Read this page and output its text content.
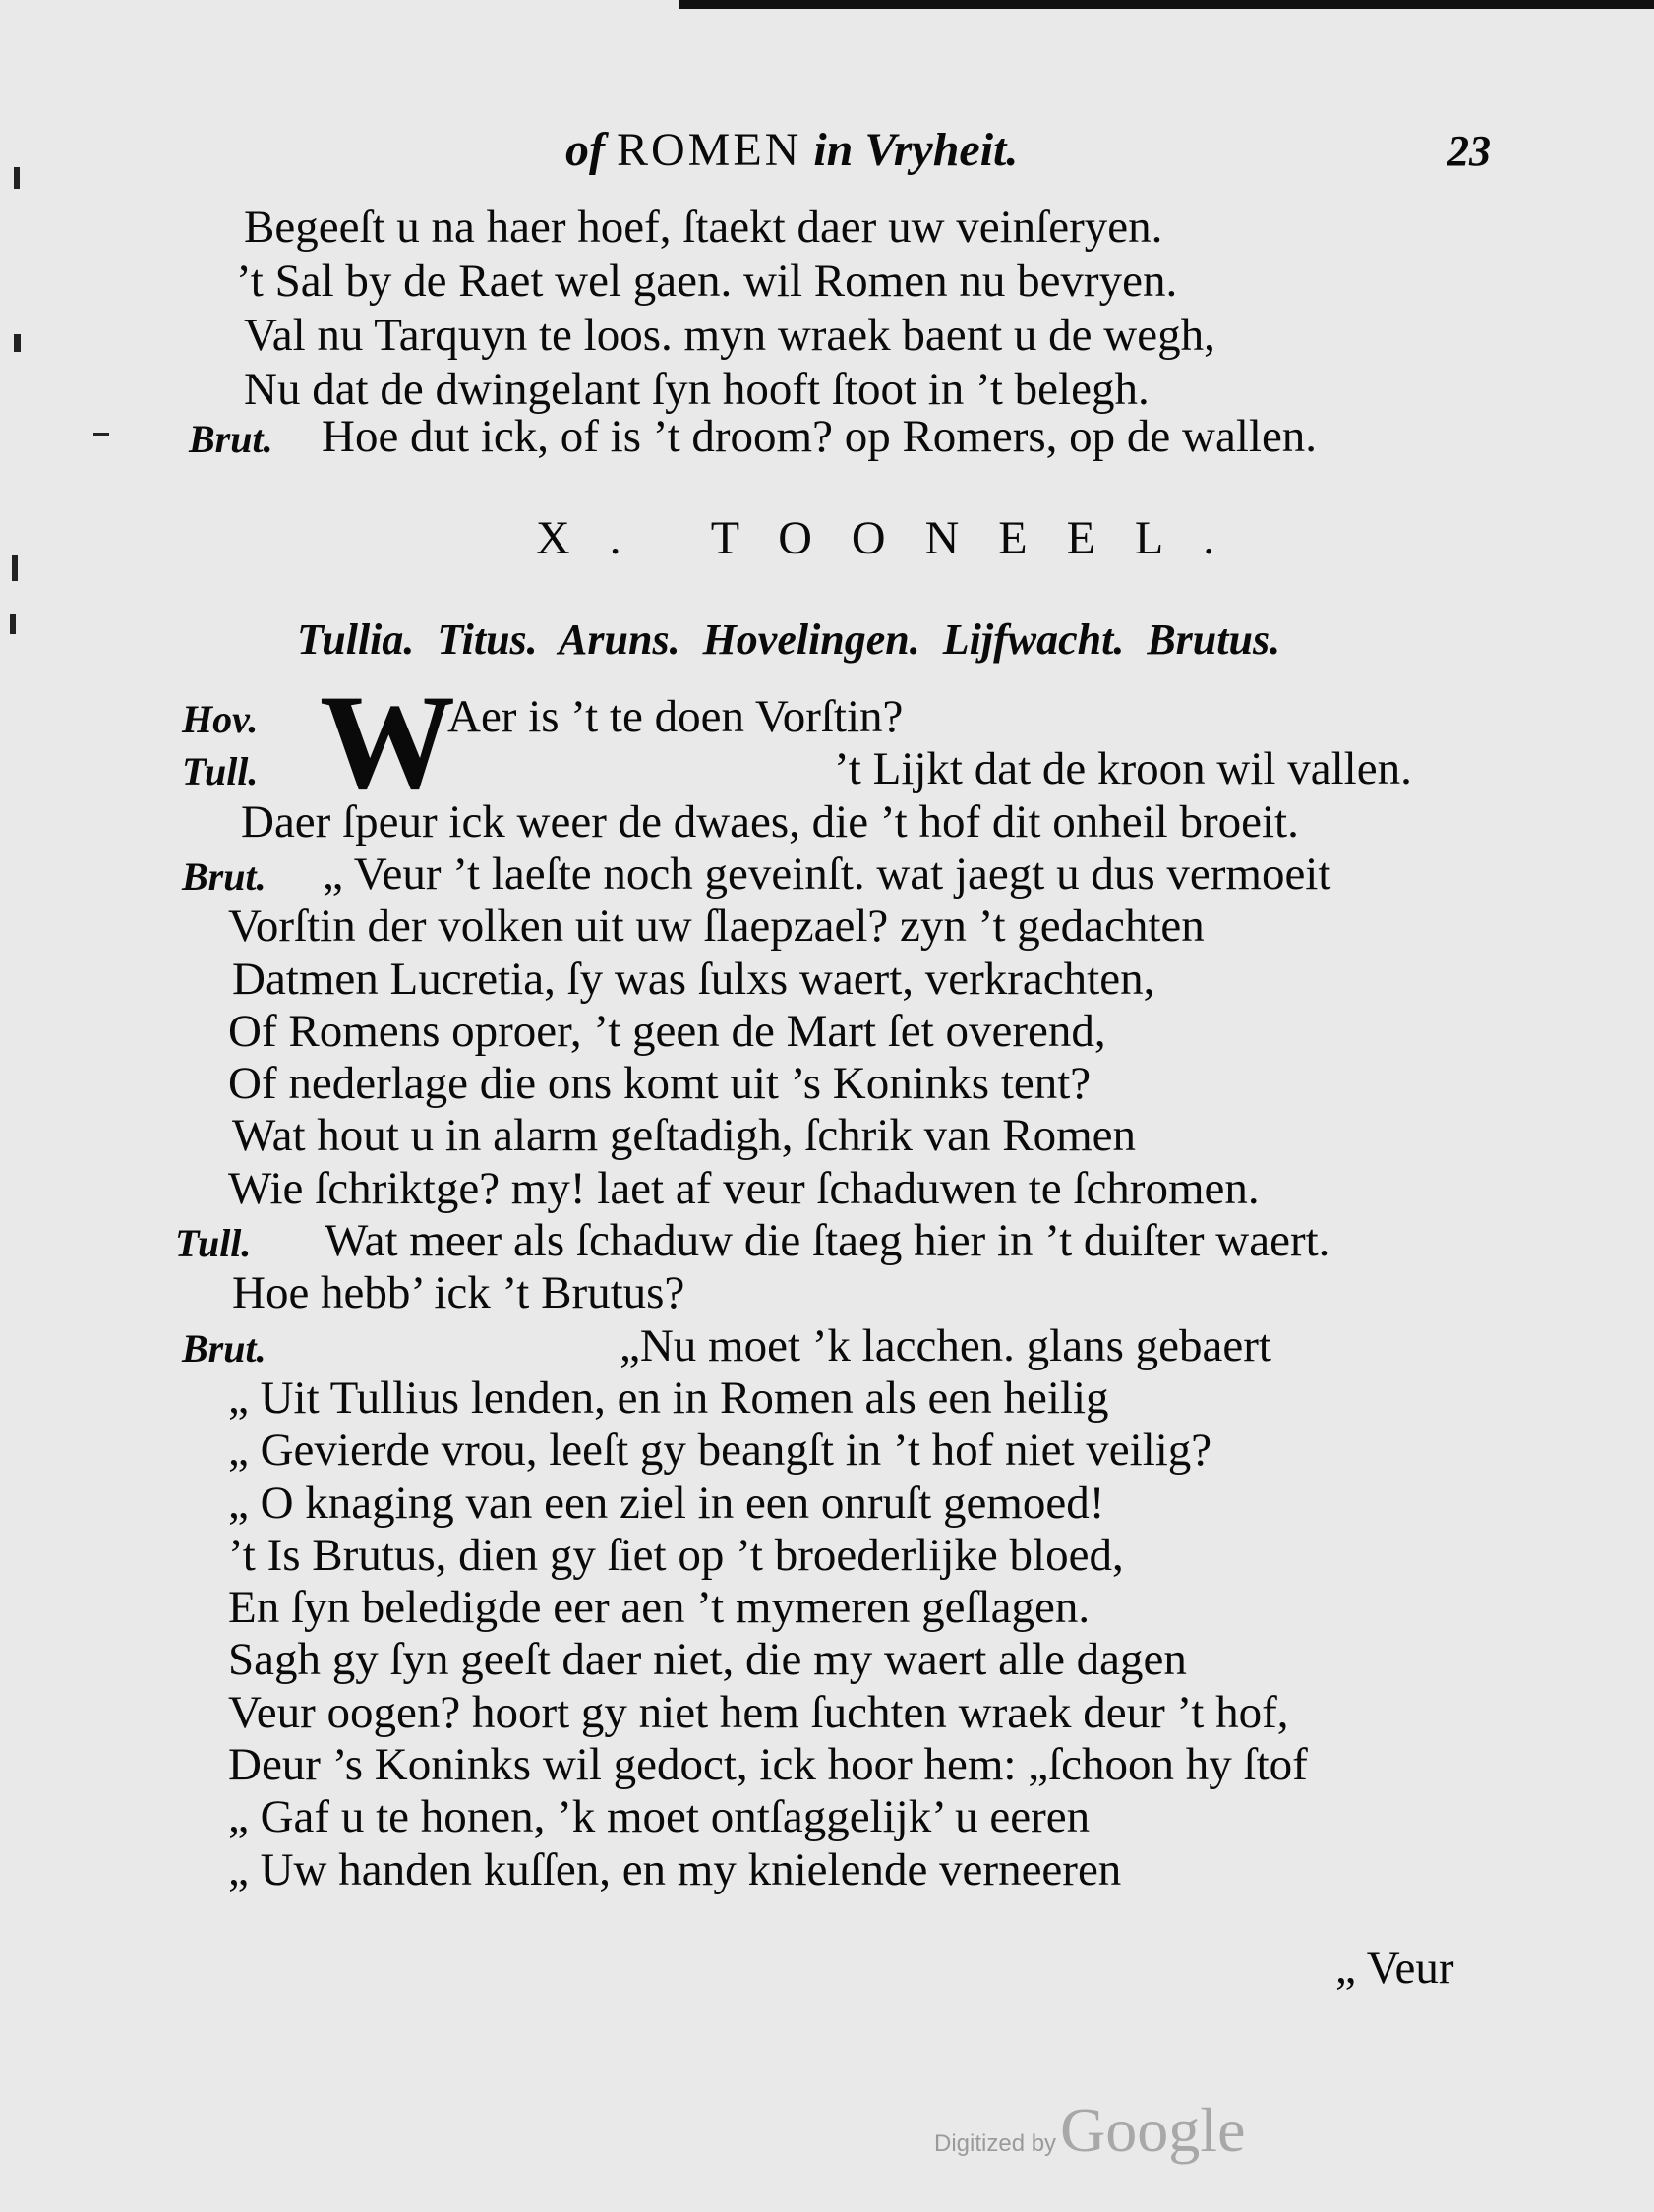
of ROMEN in Vryheit.	23
Begeeſt u na haer hoef, ſtaekt daer uw veinſeryen.
’t Sal by de Raet wel gaen. wil Romen nu bevryen.
Val nu Tarquyn te loos. myn wraek baent u de wegh,
Nu dat de dwingelant ſyn hooft ſtoot in ’t belegh.
Brut. Hoe dut ick, of is ’t droom? op Romers, op de wallen.
X. TOONEEL.
Tullia. Titus. Aruns. Hovelingen. Lijfwacht. Brutus.
W
Hov.	Aer is ’t te doen Vorſtin?
Tull.	’t Lijkt dat de kroon wil vallen.
Daer ſpeur ick weer de dwaes, die ’t hof dit onheil broeit.
Brut. „ Veur ’t laeſte noch geveinſt. wat jaegt u dus vermoeit
Vorſtin der volken uit uw ſlaepzael? zyn ’t gedachten
Datmen Lucretia, ſy was ſulxs waert, verkrachten,
Of Romens oproer, ’t geen de Mart ſet overend,
Of nederlage die ons komt uit ’s Koninks tent?
Wat hout u in alarm geſtadigh, ſchrik van Romen
Wie ſchriktge? my! laet af veur ſchaduwen te ſchromen.
Tull. Wat meer als ſchaduw die ſtaeg hier in ’t duiſter waert.
Hoe hebb’ ick ’t Brutus?
Brut.	„Nu moet ’k lacchen. glans gebaert
„ Uit Tullius lenden, en in Romen als een heilig
„ Gevierde vrou, leeſt gy beangſt in ’t hof niet veilig?
„ O knaging van een ziel in een onruſt gemoed!
’t Is Brutus, dien gy ſiet op ’t broederlijke bloed,
En ſyn beledigde eer aen ’t mymeren geſlagen.
Sagh gy ſyn geeſt daer niet, die my waert alle dagen
Veur oogen? hoort gy niet hem ſuchten wraek deur ’t hof,
Deur ’s Koninks wil gedoct, ick hoor hem: „ſchoon hy ſtof
„ Gaf u te honen, ’k moet ontſaggelijk’ u eeren
„ Uw handen kuſſen, en my knielende verneeren
„ Veur
Digitized by Google
